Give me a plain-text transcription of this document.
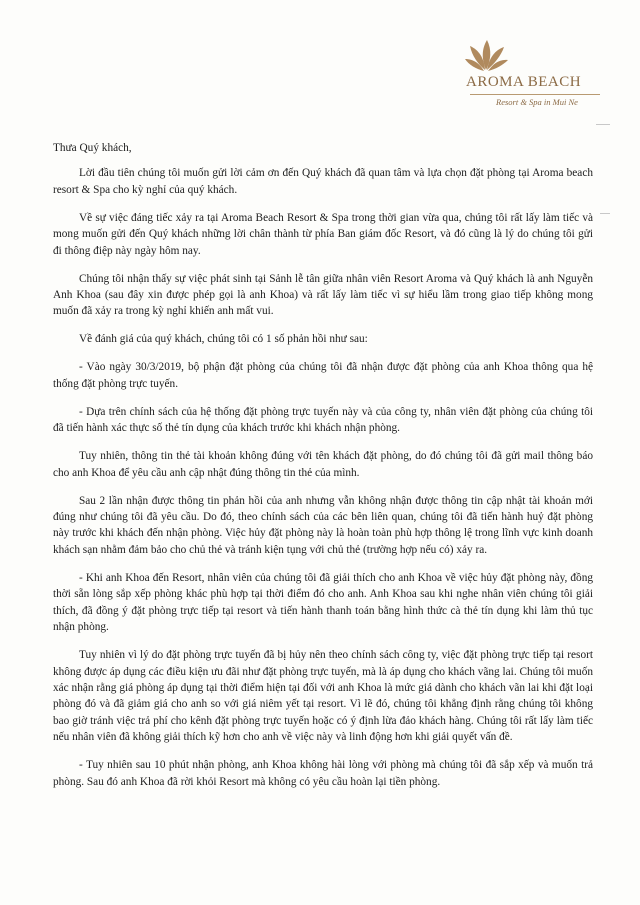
AROMA BEACH
Resort & Spa in Mui Ne

Thưa Quý khách,

Lời đầu tiên chúng tôi muốn gửi lời cảm ơn đến Quý khách đã quan tâm và lựa chọn đặt phòng tại Aroma beach resort & Spa cho kỳ nghỉ của quý khách.

Về sự việc đáng tiếc xảy ra tại Aroma Beach Resort & Spa trong thời gian vừa qua, chúng tôi rất lấy làm tiếc và mong muốn gửi đến Quý khách những lời chân thành từ phía Ban giám đốc Resort, và đó cũng là lý do chúng tôi gửi đi thông điệp này ngày hôm nay.

Chúng tôi nhận thấy sự việc phát sinh tại Sảnh lễ tân giữa nhân viên Resort Aroma và Quý khách là anh Nguyễn Anh Khoa (sau đây xin được phép gọi là anh Khoa) và rất lấy làm tiếc vì sự hiểu lầm trong giao tiếp không mong muốn đã xảy ra trong kỳ nghỉ khiến anh mất vui.

Về đánh giá của quý khách, chúng tôi có 1 số phản hồi như sau:

- Vào ngày 30/3/2019, bộ phận đặt phòng của chúng tôi đã nhận được đặt phòng của anh Khoa thông qua hệ thống đặt phòng trực tuyến.

- Dựa trên chính sách của hệ thống đặt phòng trực tuyến này và của công ty, nhân viên đặt phòng của chúng tôi đã tiến hành xác thực số thẻ tín dụng của khách trước khi khách nhận phòng.

Tuy nhiên, thông tin thẻ tài khoản không đúng với tên khách đặt phòng, do đó chúng tôi đã gửi mail thông báo cho anh Khoa để yêu cầu anh cập nhật đúng thông tin thẻ của mình.

Sau 2 lần nhận được thông tin phản hồi của anh nhưng vẫn không nhận được thông tin cập nhật tài khoản mới đúng như chúng tôi đã yêu cầu. Do đó, theo chính sách của các bên liên quan, chúng tôi đã tiến hành huỷ đặt phòng này trước khi khách đến nhận phòng. Việc hủy đặt phòng này là hoàn toàn phù hợp thông lệ trong lĩnh vực kinh doanh khách sạn nhằm đảm bảo cho chủ thẻ và tránh kiện tụng với chủ thẻ (trường hợp nếu có) xảy ra.

- Khi anh Khoa đến Resort, nhân viên của chúng tôi đã giải thích cho anh Khoa về việc hủy đặt phòng này, đồng thời sẵn lòng sắp xếp phòng khác phù hợp tại thời điểm đó cho anh. Anh Khoa sau khi nghe nhân viên chúng tôi giải thích, đã đồng ý đặt phòng trực tiếp tại resort và tiến hành thanh toán bằng hình thức cà thẻ tín dụng khi làm thủ tục nhận phòng.

Tuy nhiên vì lý do đặt phòng trực tuyến đã bị hủy nên theo chính sách công ty, việc đặt phòng trực tiếp tại resort không được áp dụng các điều kiện ưu đãi như đặt phòng trực tuyến, mà là áp dụng cho khách vãng lai. Chúng tôi muốn xác nhận rằng giá phòng áp dụng tại thời điểm hiện tại đối với anh Khoa là mức giá dành cho khách vãn lai khi đặt loại phòng đó và đã giảm giá cho anh so với giá niêm yết tại resort. Vì lẽ đó, chúng tôi khẳng định rằng chúng tôi không bao giờ tránh việc trả phí cho kênh đặt phòng trực tuyến hoặc có ý định lừa đảo khách hàng. Chúng tôi rất lấy làm tiếc nếu nhân viên đã không giải thích kỹ hơn cho anh về việc này và linh động hơn khi giải quyết vấn đề.

- Tuy nhiên sau 10 phút nhận phòng, anh Khoa không hài lòng với phòng mà chúng tôi đã sắp xếp và muốn trả phòng. Sau đó anh Khoa đã rời khỏi Resort mà không có yêu cầu hoàn lại tiền phòng.
